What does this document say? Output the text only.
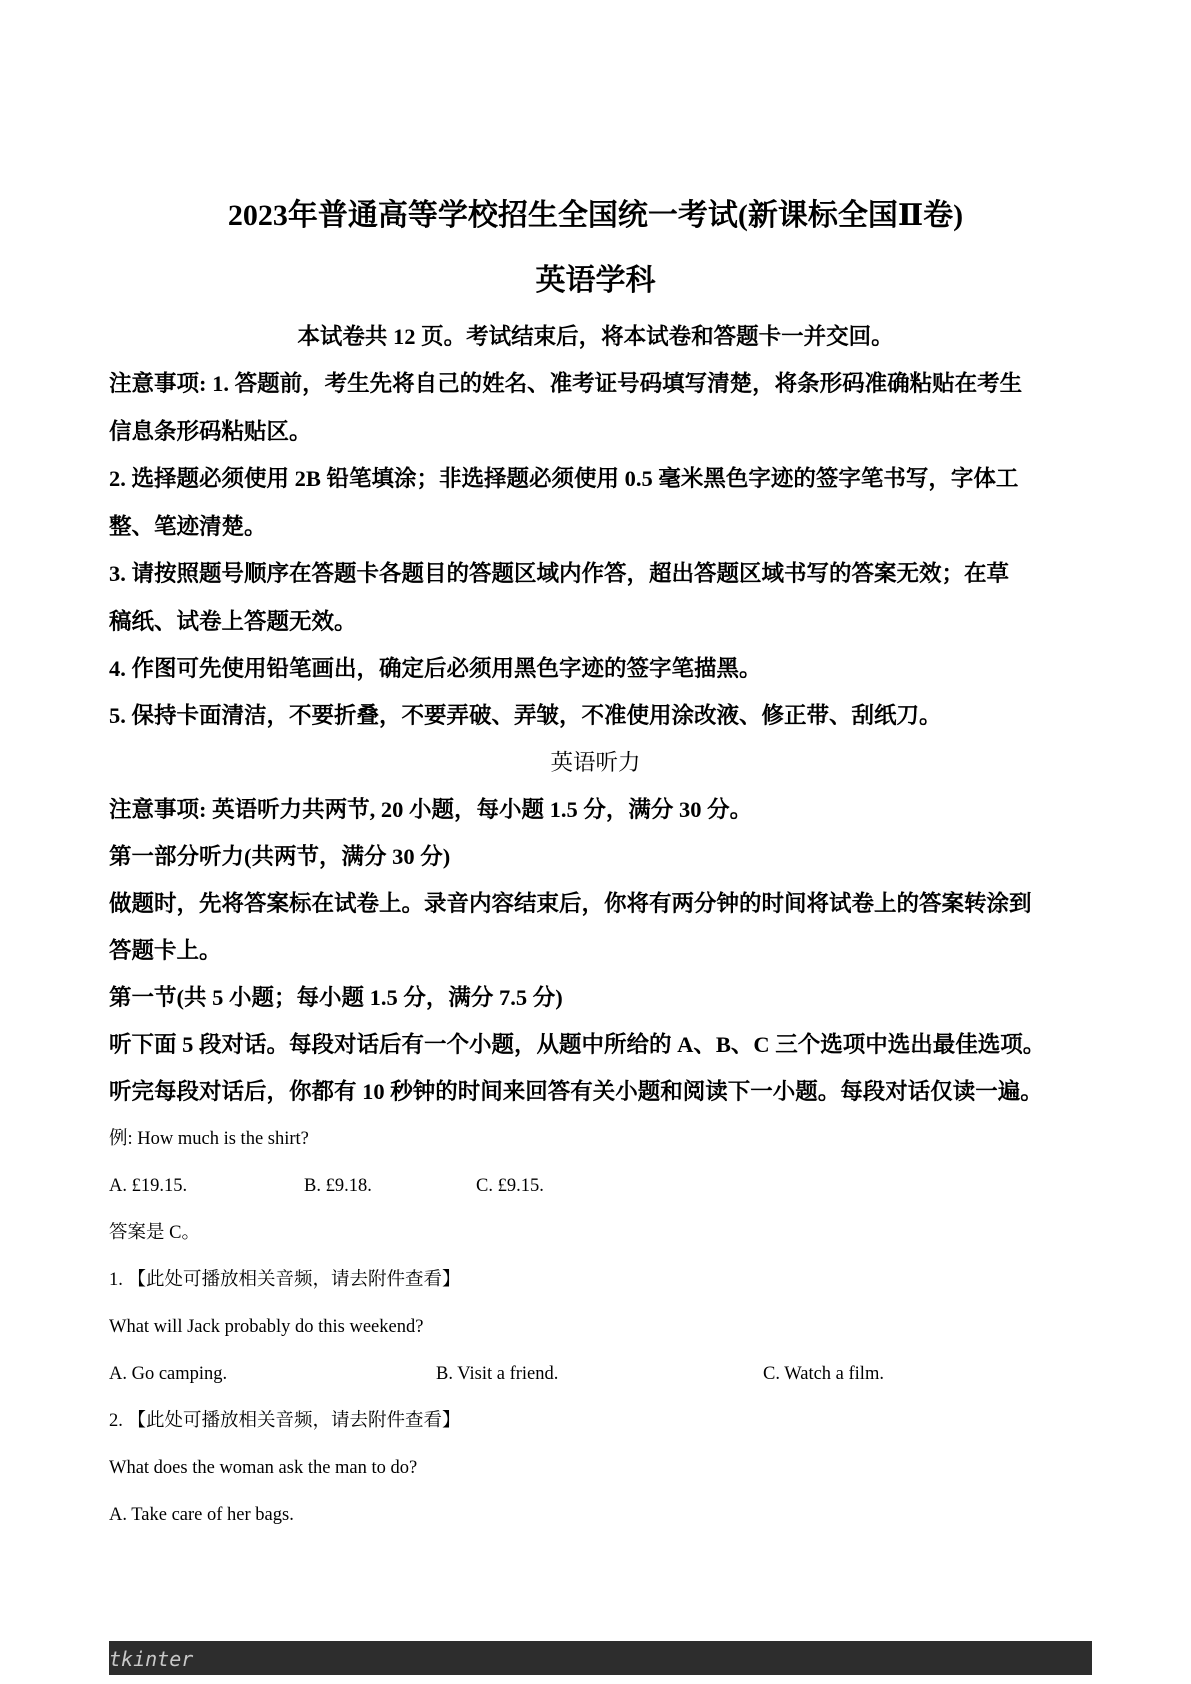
2023年普通高等学校招生全国统一考试(新课标全国Ⅱ卷)
英语学科
本试卷共 12 页。考试结束后，将本试卷和答题卡一并交回。
注意事项: 1. 答题前，考生先将自己的姓名、准考证号码填写清楚，将条形码准确粘贴在考生
信息条形码粘贴区。
2. 选择题必须使用 2B 铅笔填涂；非选择题必须使用 0.5 毫米黑色字迹的签字笔书写，字体工
整、笔迹清楚。
3. 请按照题号顺序在答题卡各题目的答题区域内作答，超出答题区域书写的答案无效；在草
稿纸、试卷上答题无效。
4. 作图可先使用铅笔画出，确定后必须用黑色字迹的签字笔描黑。
5. 保持卡面清洁，不要折叠，不要弄破、弄皱，不准使用涂改液、修正带、刮纸刀。
英语听力
注意事项: 英语听力共两节, 20 小题，每小题 1.5 分，满分 30 分。
第一部分听力(共两节，满分 30 分)
做题时，先将答案标在试卷上。录音内容结束后，你将有两分钟的时间将试卷上的答案转涂到
答题卡上。
第一节(共 5 小题；每小题 1.5 分，满分 7.5 分)
听下面 5 段对话。每段对话后有一个小题，从题中所给的 A、B、C 三个选项中选出最佳选项。
听完每段对话后，你都有 10 秒钟的时间来回答有关小题和阅读下一小题。每段对话仅读一遍。
例: How much is the shirt?
A. £19.15.	B. £9.18.	C. £9.15.
答案是 C。
1. 【此处可播放相关音频，请去附件查看】
What will Jack probably do this weekend?
A. Go camping.	B. Visit a friend.	C. Watch a film.
2. 【此处可播放相关音频，请去附件查看】
What does the woman ask the man to do?
A. Take care of her bags.
tkinter
